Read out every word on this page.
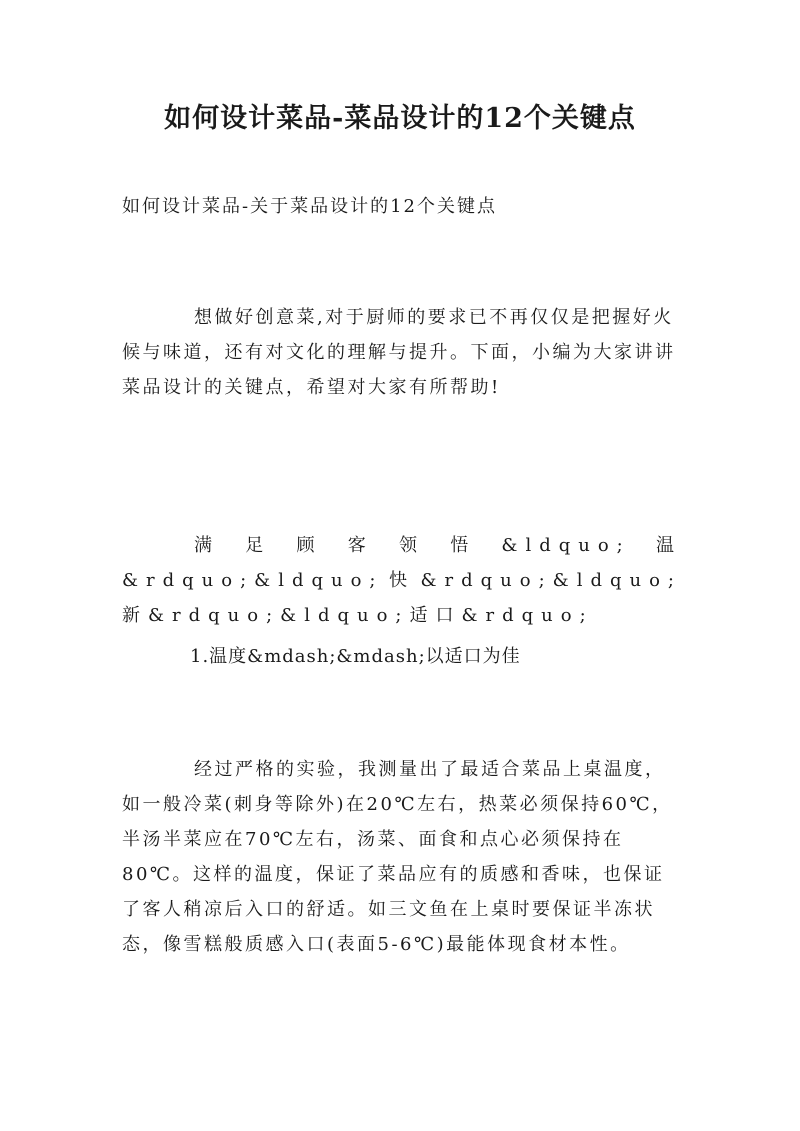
如何设计菜品-菜品设计的12个关键点
如何设计菜品-关于菜品设计的12个关键点

想做好创意菜,对于厨师的要求已不再仅仅是把握好火候与味道，还有对文化的理解与提升。下面，小编为大家讲讲菜品设计的关键点，希望对大家有所帮助!

满足顾客领悟&ldquo;温&rdquo;&ldquo;快&rdquo;&ldquo;新&rdquo;&ldquo;适口&rdquo;

1.温度&mdash;&mdash;以适口为佳

经过严格的实验，我测量出了最适合菜品上桌温度，如一般冷菜(刺身等除外)在20℃左右，热菜必须保持60℃，半汤半菜应在70℃左右，汤菜、面食和点心必须保持在80℃。这样的温度，保证了菜品应有的质感和香味，也保证了客人稍凉后入口的舒适。如三文鱼在上桌时要保证半冻状态，像雪糕般质感入口(表面5-6℃)最能体现食材本性。
